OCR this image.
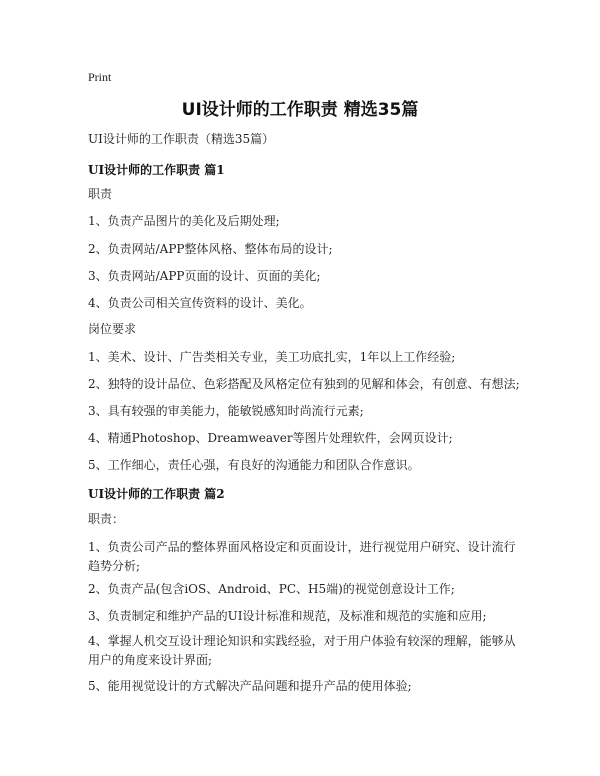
Print
UI设计师的工作职责 精选35篇
UI设计师的工作职责（精选35篇）
UI设计师的工作职责 篇1
职责
1、负责产品图片的美化及后期处理;
2、负责网站/APP整体风格、整体布局的设计;
3、负责网站/APP页面的设计、页面的美化;
4、负责公司相关宣传资料的设计、美化。
岗位要求
1、美术、设计、广告类相关专业，美工功底扎实，1年以上工作经验;
2、独特的设计品位、色彩搭配及风格定位有独到的见解和体会，有创意、有想法;
3、具有较强的审美能力，能敏锐感知时尚流行元素;
4、精通Photoshop、Dreamweaver等图片处理软件，会网页设计;
5、工作细心，责任心强，有良好的沟通能力和团队合作意识。
UI设计师的工作职责 篇2
职责：
1、负责公司产品的整体界面风格设定和页面设计，进行视觉用户研究、设计流行趋势分析;
2、负责产品(包含iOS、Android、PC、H5端)的视觉创意设计工作;
3、负责制定和维护产品的UI设计标准和规范，及标准和规范的实施和应用;
4、掌握人机交互设计理论知识和实践经验，对于用户体验有较深的理解，能够从用户的角度来设计界面;
5、能用视觉设计的方式解决产品问题和提升产品的使用体验;
